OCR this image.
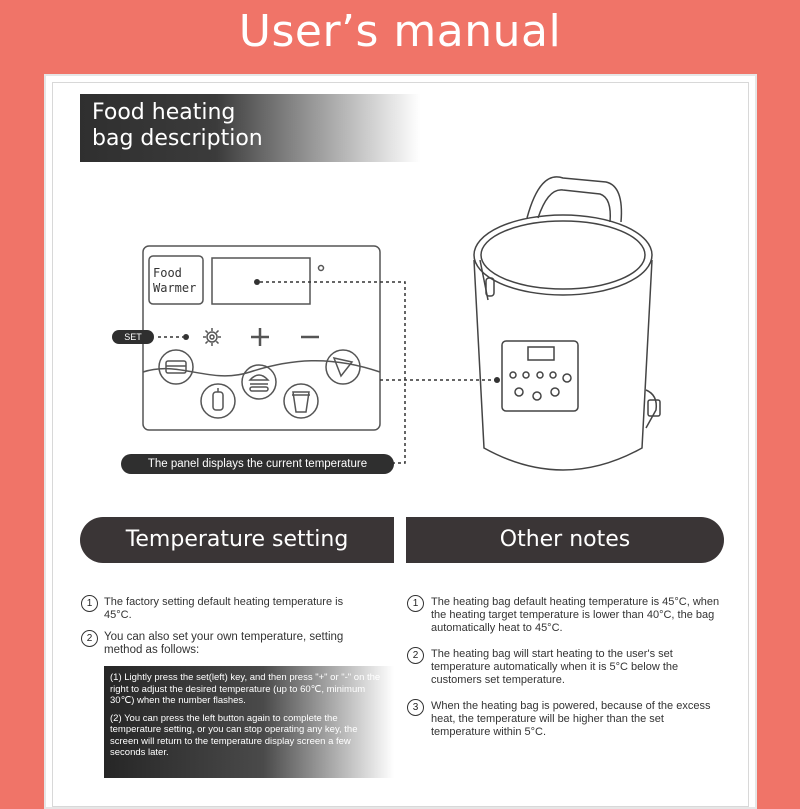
User’s manual
Food heating
bag description
Food
Warmer
SET
The panel displays the current temperature
Temperature setting	Other notes
1	The factory setting default heating temperature is 45°C.
2	You can also set your own temperature, setting method as follows:

(1) Lightly press the set(left) key, and then press "+" or "-" on the right to adjust the desired temperature (up to 60℃, minimum 30℃) when the number flashes.

(2) You can press the left button again to complete the temperature setting, or you can stop operating any key, the screen will return to the temperature display screen a few seconds later.

1	The heating bag default heating temperature is 45°C, when the heating target temperature is lower than 40°C, the bag automatically heat to 45°C.
2	The heating bag will start heating to the user's set temperature automatically when it is 5°C below the customers set temperature.
3	When the heating bag is powered, because of the excess heat, the temperature will be higher than the set temperature within 5°C.
